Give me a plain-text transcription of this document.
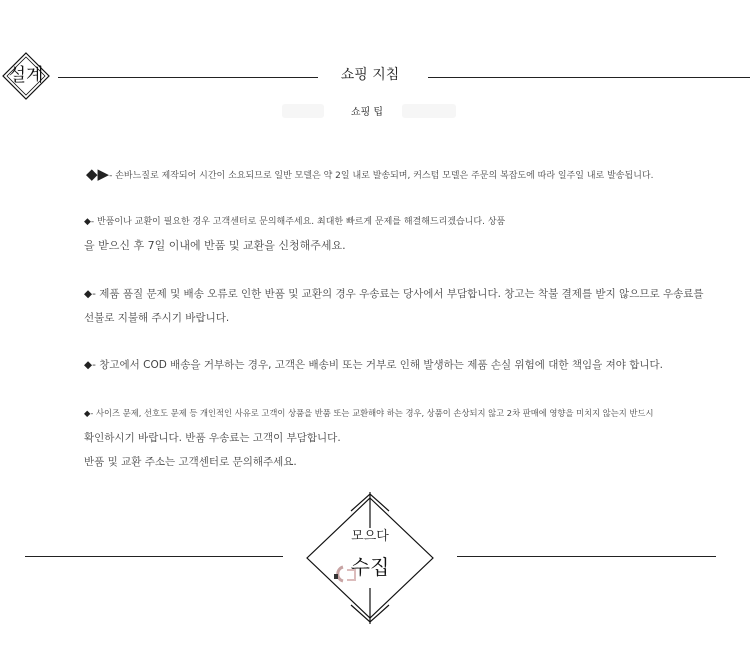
설계	쇼핑 지침
쇼핑 팁
◆▶- 손바느질로 제작되어 시간이 소요되므로 일반 모델은 약 2일 내로 발송되며, 커스텀 모델은 주문의 복잡도에 따라 일주일 내로 발송됩니다.
◆- 반품이나 교환이 필요한 경우 고객센터로 문의해주세요. 최대한 빠르게 문제를 해결해드리겠습니다. 상품
을 받으신 후 7일 이내에 반품 및 교환을 신청해주세요.
◆- 제품 품질 문제 및 배송 오류로 인한 반품 및 교환의 경우 우송료는 당사에서 부담합니다. 창고는 착불 결제를 받지 않으므로 우송료를
선불로 지불해 주시기 바랍니다.
◆- 창고에서 COD 배송을 거부하는 경우, 고객은 배송비 또는 거부로 인해 발생하는 제품 손실 위험에 대한 책임을 져야 합니다.
◆- 사이즈 문제, 선호도 문제 등 개인적인 사유로 고객이 상품을 반품 또는 교환해야 하는 경우, 상품이 손상되지 않고 2차 판매에 영향을 미치지 않는지 반드시
확인하시기 바랍니다. 반품 우송료는 고객이 부담합니다.
반품 및 교환 주소는 고객센터로 문의해주세요.
모으다
수집
